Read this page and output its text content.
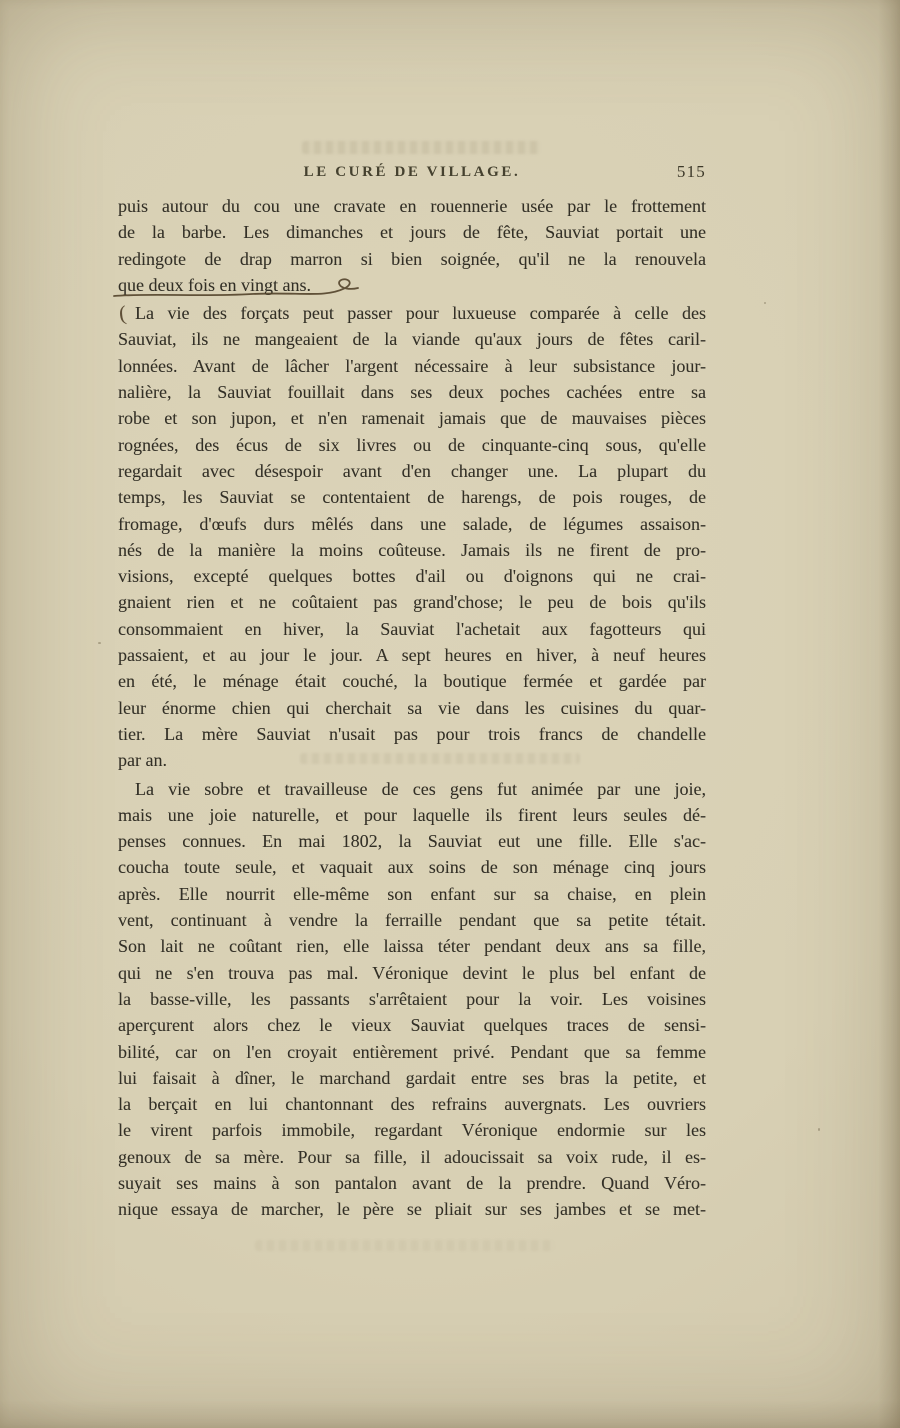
LE CURÉ DE VILLAGE.	515
puis autour du cou une cravate en rouennerie usée par le frottement
de la barbe. Les dimanches et jours de fête, Sauviat portait une
redingote de drap marron si bien soignée, qu'il ne la renouvela
que deux fois en vingt ans.
La vie des forçats peut passer pour luxueuse comparée à celle des
(
Sauviat, ils ne mangeaient de la viande qu'aux jours de fêtes caril-
lonnées. Avant de lâcher l'argent nécessaire à leur subsistance jour-
nalière, la Sauviat fouillait dans ses deux poches cachées entre sa
robe et son jupon, et n'en ramenait jamais que de mauvaises pièces
rognées, des écus de six livres ou de cinquante-cinq sous, qu'elle
regardait avec désespoir avant d'en changer une. La plupart du
temps, les Sauviat se contentaient de harengs, de pois rouges, de
fromage, d'œufs durs mêlés dans une salade, de légumes assaison-
nés de la manière la moins coûteuse. Jamais ils ne firent de pro-
visions, excepté quelques bottes d'ail ou d'oignons qui ne crai-
gnaient rien et ne coûtaient pas grand'chose; le peu de bois qu'ils
consommaient en hiver, la Sauviat l'achetait aux fagotteurs qui
passaient, et au jour le jour. A sept heures en hiver, à neuf heures
en été, le ménage était couché, la boutique fermée et gardée par
leur énorme chien qui cherchait sa vie dans les cuisines du quar-
tier. La mère Sauviat n'usait pas pour trois francs de chandelle
par an.
La vie sobre et travailleuse de ces gens fut animée par une joie,
mais une joie naturelle, et pour laquelle ils firent leurs seules dé-
penses connues. En mai 1802, la Sauviat eut une fille. Elle s'ac-
coucha toute seule, et vaquait aux soins de son ménage cinq jours
après. Elle nourrit elle-même son enfant sur sa chaise, en plein
vent, continuant à vendre la ferraille pendant que sa petite tétait.
Son lait ne coûtant rien, elle laissa téter pendant deux ans sa fille,
qui ne s'en trouva pas mal. Véronique devint le plus bel enfant de
la basse-ville, les passants s'arrêtaient pour la voir. Les voisines
aperçurent alors chez le vieux Sauviat quelques traces de sensi-
bilité, car on l'en croyait entièrement privé. Pendant que sa femme
lui faisait à dîner, le marchand gardait entre ses bras la petite, et
la berçait en lui chantonnant des refrains auvergnats. Les ouvriers
le virent parfois immobile, regardant Véronique endormie sur les
genoux de sa mère. Pour sa fille, il adoucissait sa voix rude, il es-
suyait ses mains à son pantalon avant de la prendre. Quand Véro-
nique essaya de marcher, le père se pliait sur ses jambes et se met-
